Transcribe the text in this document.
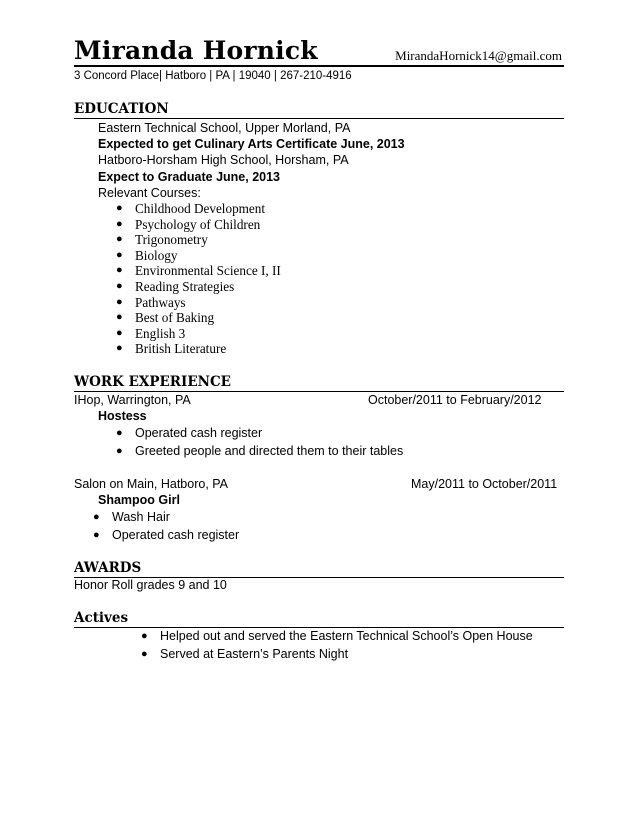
Miranda Hornick	MirandaHornick14@gmail.com
3 Concord Place| Hatboro | PA | 19040 | 267-210-4916
EDUCATION
Eastern Technical School, Upper Morland, PA
Expected to get Culinary Arts Certificate June, 2013
Hatboro-Horsham High School, Horsham, PA
Expect to Graduate June, 2013
Relevant Courses:
● Childhood Development
● Psychology of Children
● Trigonometry
● Biology
● Environmental Science I, II
● Reading Strategies
● Pathways
● Best of Baking
● English 3
● British Literature
WORK EXPERIENCE
IHop, Warrington, PA	October/2011 to February/2012
Hostess
● Operated cash register
● Greeted people and directed them to their tables
Salon on Main, Hatboro, PA	May/2011 to October/2011
Shampoo Girl
● Wash Hair
● Operated cash register
AWARDS
Honor Roll grades 9 and 10
Actives
● Helped out and served the Eastern Technical School’s Open House
● Served at Eastern’s Parents Night
